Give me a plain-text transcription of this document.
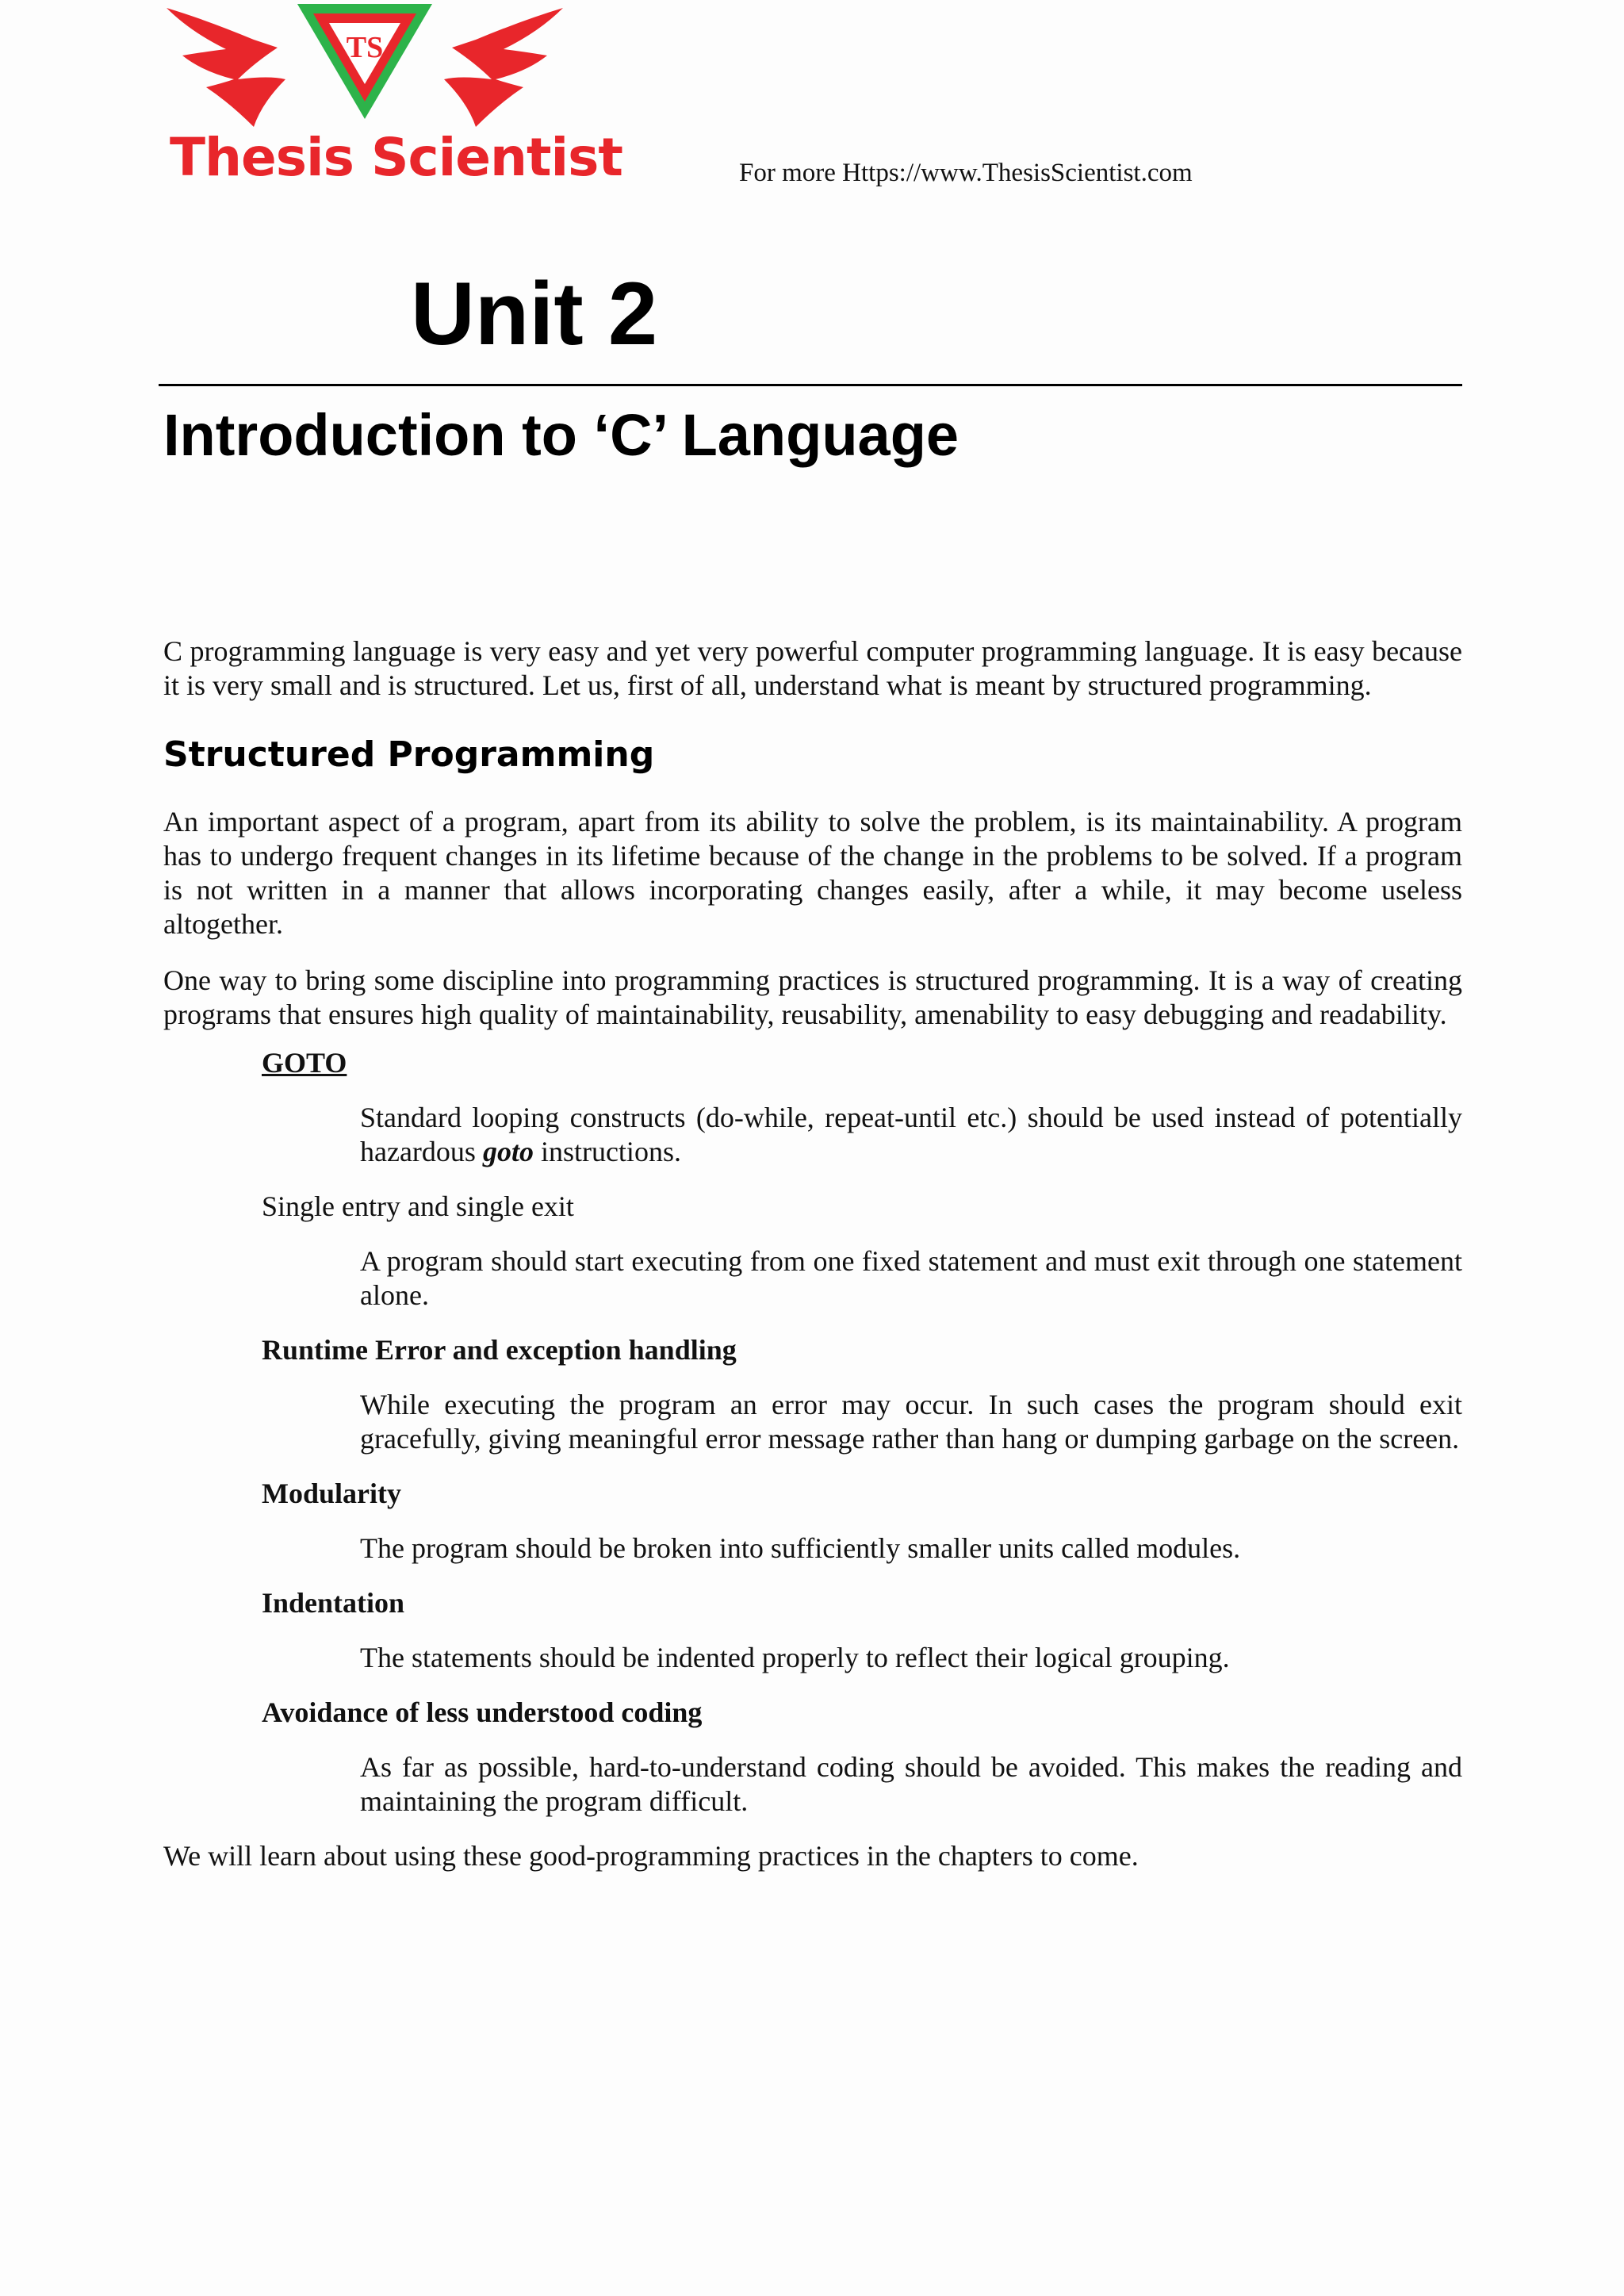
TS
Thesis Scientist	For more Https://www.ThesisScientist.com
Unit 2
Introduction to ‘C’ Language

C programming language is very easy and yet very powerful computer programming language. It is easy because it is very small and is structured. Let us, first of all, understand what is meant by structured programming.

Structured Programming

An important aspect of a program, apart from its ability to solve the problem, is its maintainability. A program has to undergo frequent changes in its lifetime because of the change in the problems to be solved. If a program is not written in a manner that allows incorporating changes easily, after a while, it may become useless altogether.

One way to bring some discipline into programming practices is structured programming. It is a way of creating programs that ensures high quality of maintainability, reusability, amenability to easy debugging and readability.

GOTO
Standard looping constructs (do-while, repeat-until etc.) should be used instead of potentially hazardous goto instructions.
Single entry and single exit
A program should start executing from one fixed statement and must exit through one statement alone.
Runtime Error and exception handling
While executing the program an error may occur. In such cases the program should exit gracefully, giving meaningful error message rather than hang or dumping garbage on the screen.
Modularity
The program should be broken into sufficiently smaller units called modules.
Indentation
The statements should be indented properly to reflect their logical grouping.
Avoidance of less understood coding
As far as possible, hard-to-understand coding should be avoided. This makes the reading and maintaining the program difficult.

We will learn about using these good-programming practices in the chapters to come.
